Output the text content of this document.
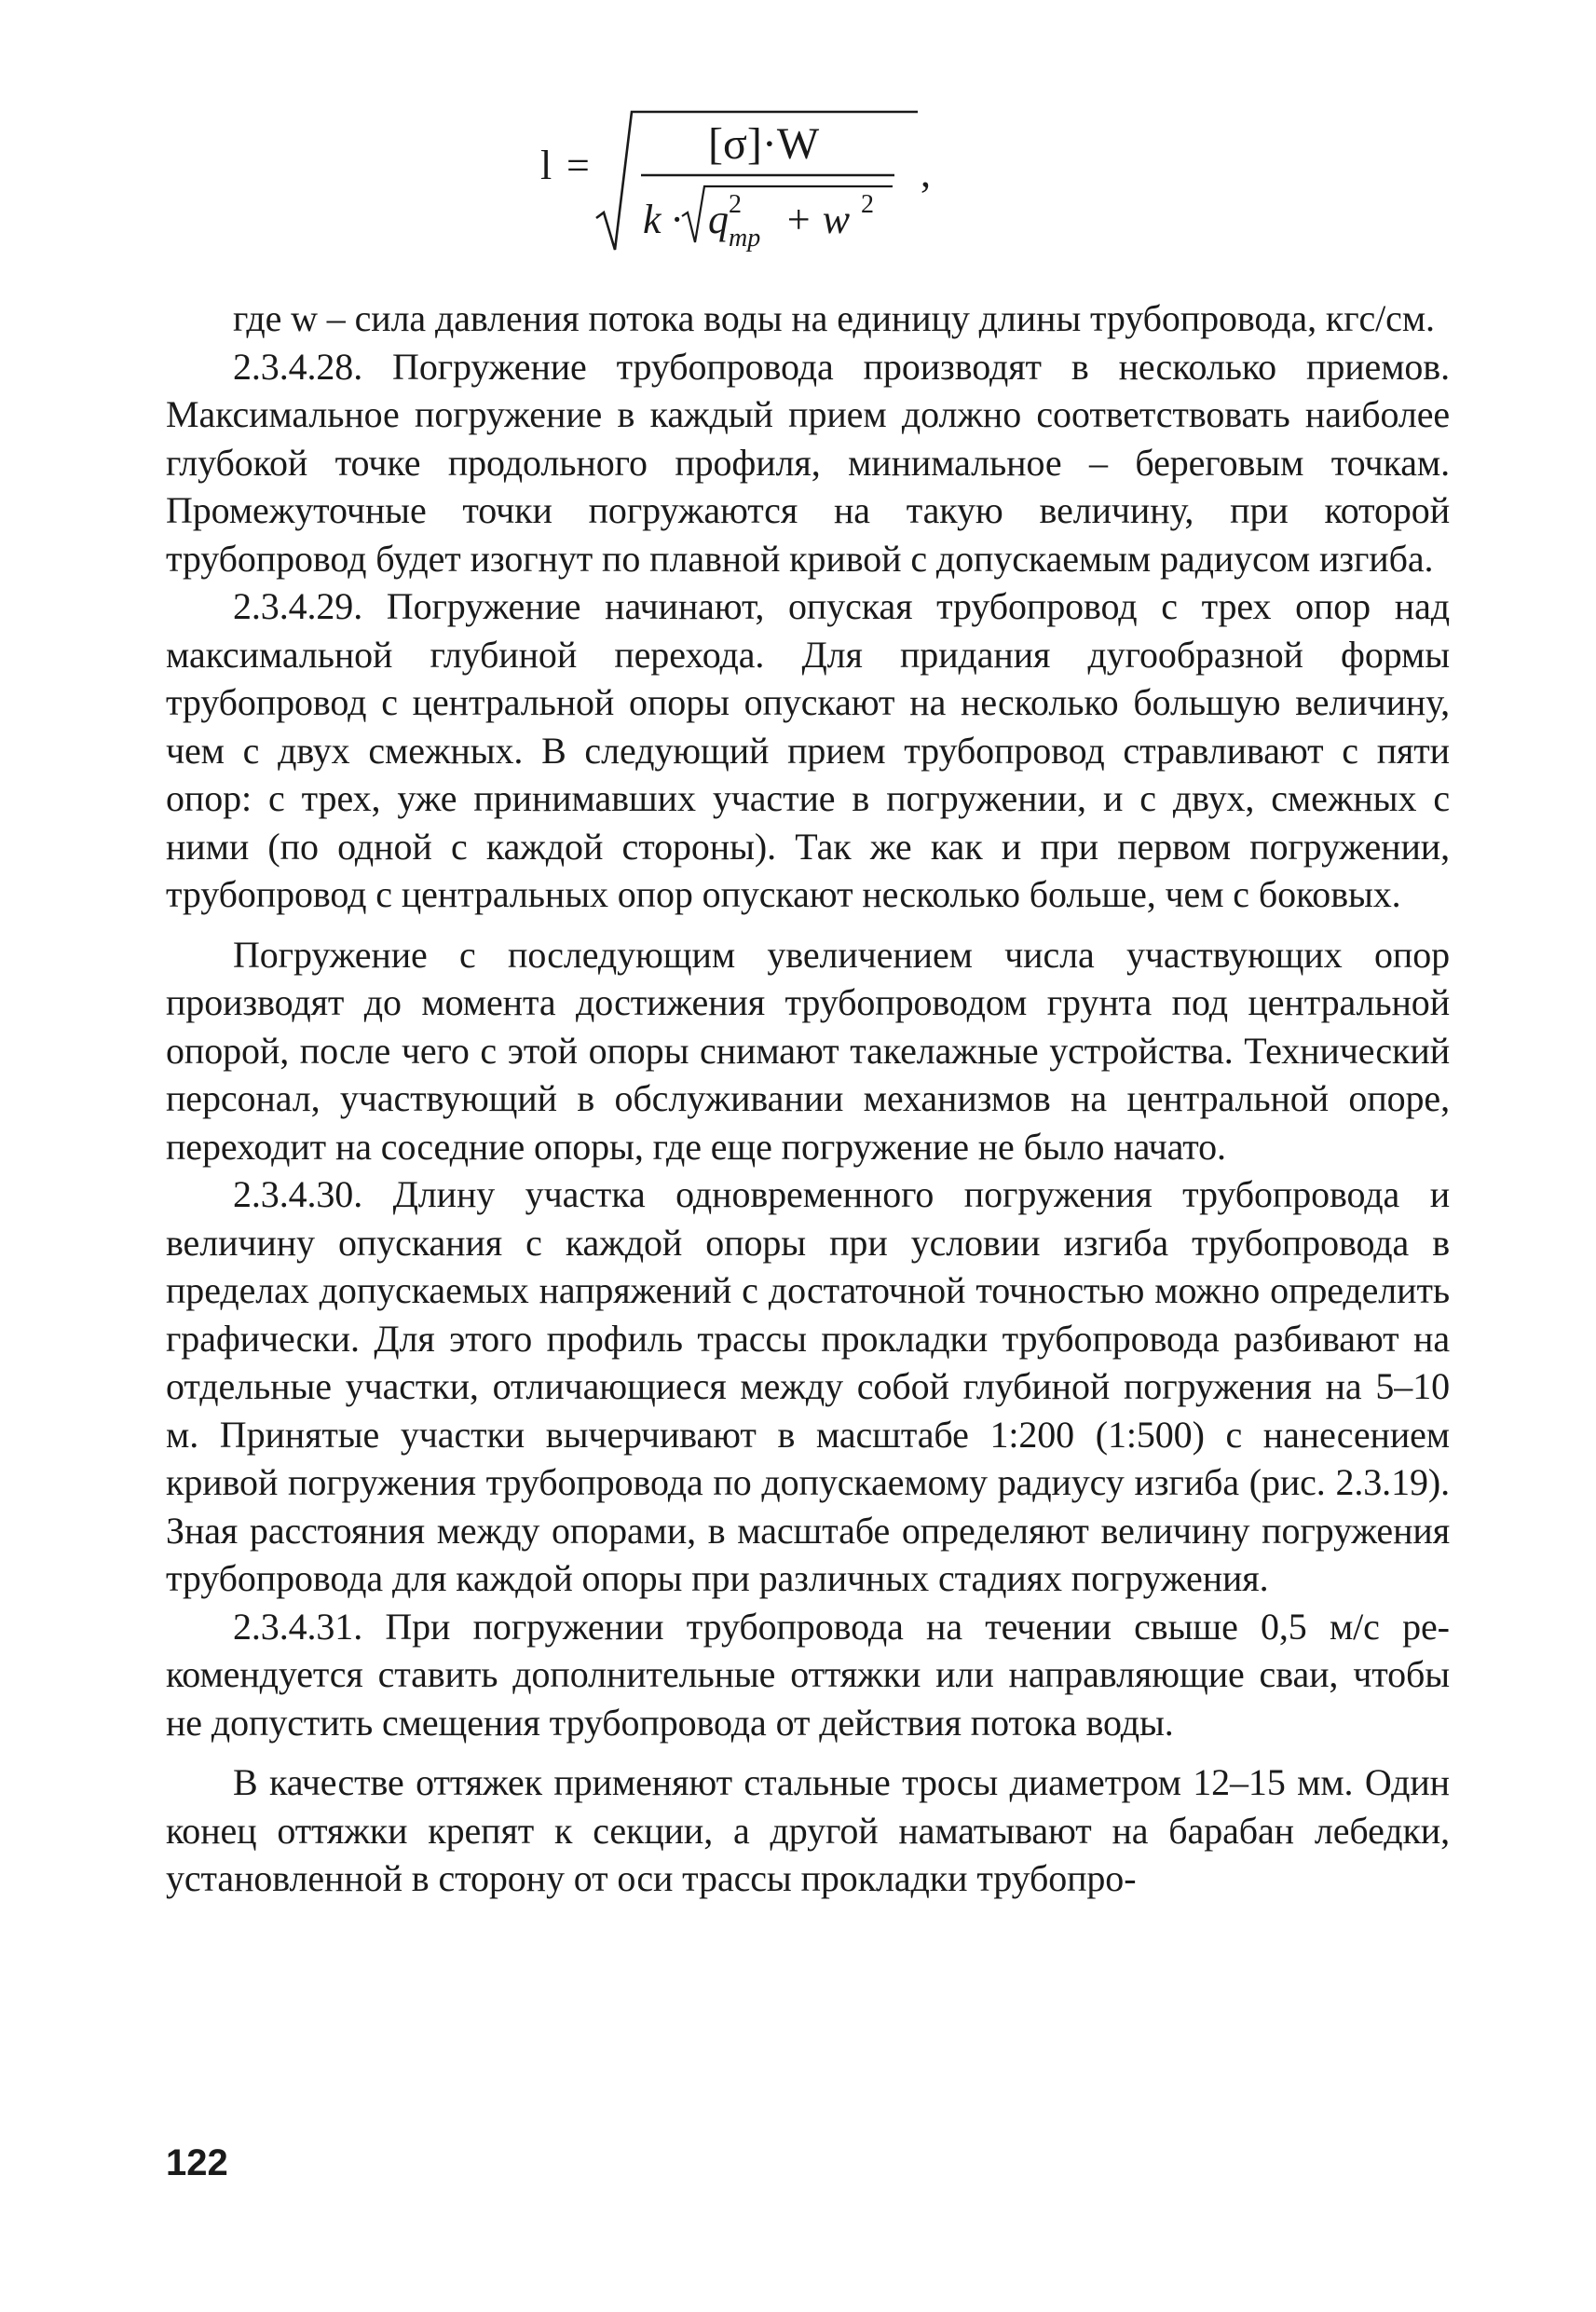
l =	[σ]·W
k · q 2
тр + w 2
,

где w – сила давления потока воды на единицу длины трубопровода, кгс/см.

2.3.4.28. Погружение трубопровода производят в несколько приемов. Максимальное погружение в каждый прием должно соответствовать наиболее глубокой точке продольного профиля, минимальное – береговым точкам. Промежуточные точки погружаются на такую величину, при которой трубопровод будет изогнут по плавной кривой с допускаемым радиусом изгиба.

2.3.4.29. Погружение начинают, опуская трубопровод с трех опор над максимальной глубиной перехода. Для придания дугообразной формы трубопровод с центральной опоры опускают на несколько большую величину, чем с двух смежных. В следующий прием трубопровод стравливают с пяти опор: с трех, уже принимавших участие в погружении, и с двух, смежных с ними (по одной с каждой стороны). Так же как и при первом погружении, трубопровод с центральных опор опускают несколько больше, чем с боковых.

Погружение с последующим увеличением числа участвующих опор производят до момента достижения трубопроводом грунта под центральной опорой, после чего с этой опоры снимают такелажные устройства. Технический персонал, участвующий в обслуживании механизмов на центральной опоре, переходит на соседние опоры, где еще погружение не было начато.

2.3.4.30. Длину участка одновременного погружения трубопровода и величину опускания с каждой опоры при условии изгиба трубопровода в пределах допускаемых напряжений с достаточной точностью можно определить графически. Для этого профиль трассы прокладки трубопровода разбивают на отдельные участки, отличающиеся между собой глубиной погружения на 5–10 м. Принятые участки вычерчивают в масштабе 1:200 (1:500) с нанесением кривой погружения трубопровода по допускаемому радиусу изгиба (рис. 2.3.19). Зная расстояния между опорами, в масштабе определяют величину погружения трубопровода для каждой опоры при различных стадиях погружения.

2.3.4.31. При погружении трубопровода на течении свыше 0,5 м/с рекомендуется ставить дополнительные оттяжки или направляющие сваи, чтобы не допустить смещения трубопровода от действия потока воды.

В качестве оттяжек применяют стальные тросы диаметром 12–15 мм. Один конец оттяжки крепят к секции, а другой наматывают на барабан лебедки, установленной в сторону от оси трассы прокладки трубопро-

122
